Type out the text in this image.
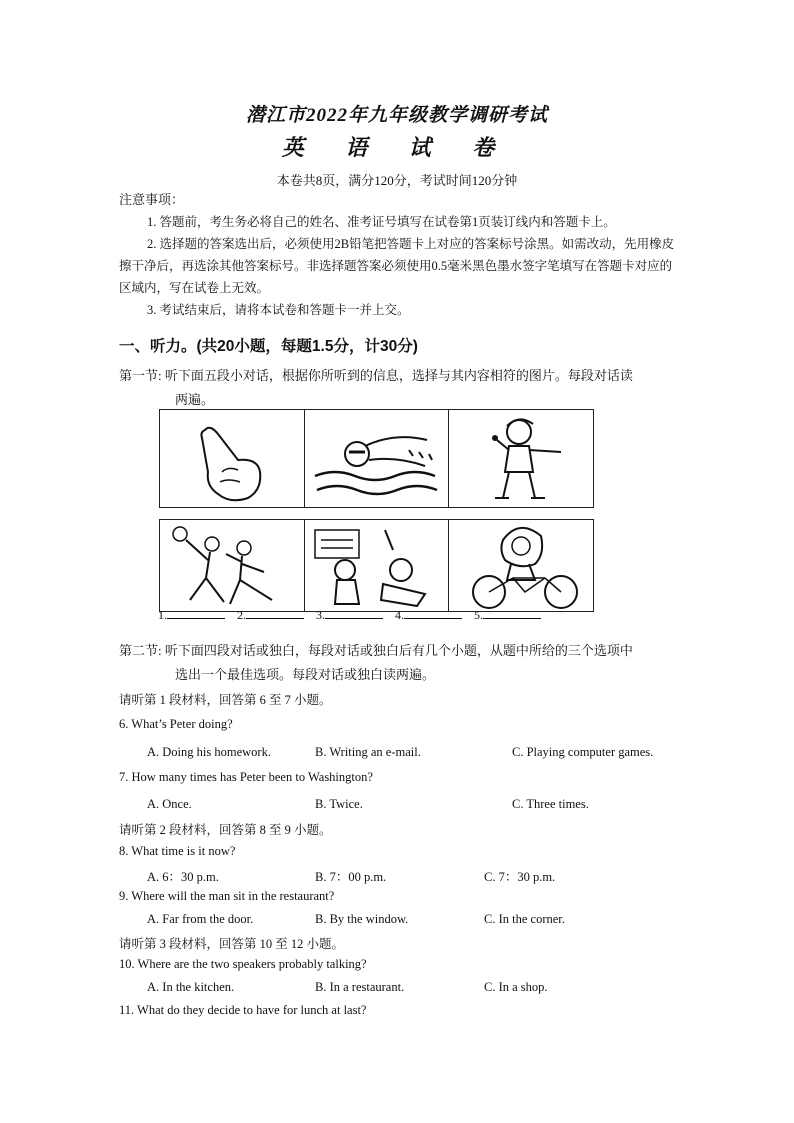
潜江市2022年九年级教学调研考试
英 语 试 卷
本卷共8页，满分120分，考试时间120分钟
注意事项：
1. 答题前，考生务必将自己的姓名、准考证号填写在试卷第1页装订线内和答题卡上。
2. 选择题的答案选出后，必须使用2B铅笔把答题卡上对应的答案标号涂黑。如需改动，先用橡皮擦干净后，再选涂其他答案标号。非选择题答案必须使用0.5毫米黑色墨水签字笔填写在答题卡对应的区域内，写在试卷上无效。
3. 考试结束后，请将本试卷和答题卡一并上交。
一、听力。(共20小题，每题1.5分，计30分)
第一节: 听下面五段小对话，根据你所听到的信息，选择与其内容相符的图片。每段对话读
两遍。
1.	2.	3.	4.	5.
第二节: 听下面四段对话或独白，每段对话或独白后有几个小题，从题中所给的三个选项中
选出一个最佳选项。每段对话或独白读两遍。
请听第 1 段材料，回答第 6 至 7 小题。
6. What’s Peter doing?
A. Doing his homework.	B. Writing an e-mail.	C. Playing computer games.
7. How many times has Peter been to Washington?
A. Once.	B. Twice.	C. Three times.
请听第 2 段材料，回答第 8 至 9 小题。
8. What time is it now?
A. 6：30 p.m.	B. 7：00 p.m.	C. 7：30 p.m.
9. Where will the man sit in the restaurant?
A. Far from the door.	B. By the window.	C. In the corner.
请听第 3 段材料，回答第 10 至 12 小题。
10. Where are the two speakers probably talking?
A. In the kitchen.	B. In a restaurant.	C. In a shop.
11. What do they decide to have for lunch at last?
